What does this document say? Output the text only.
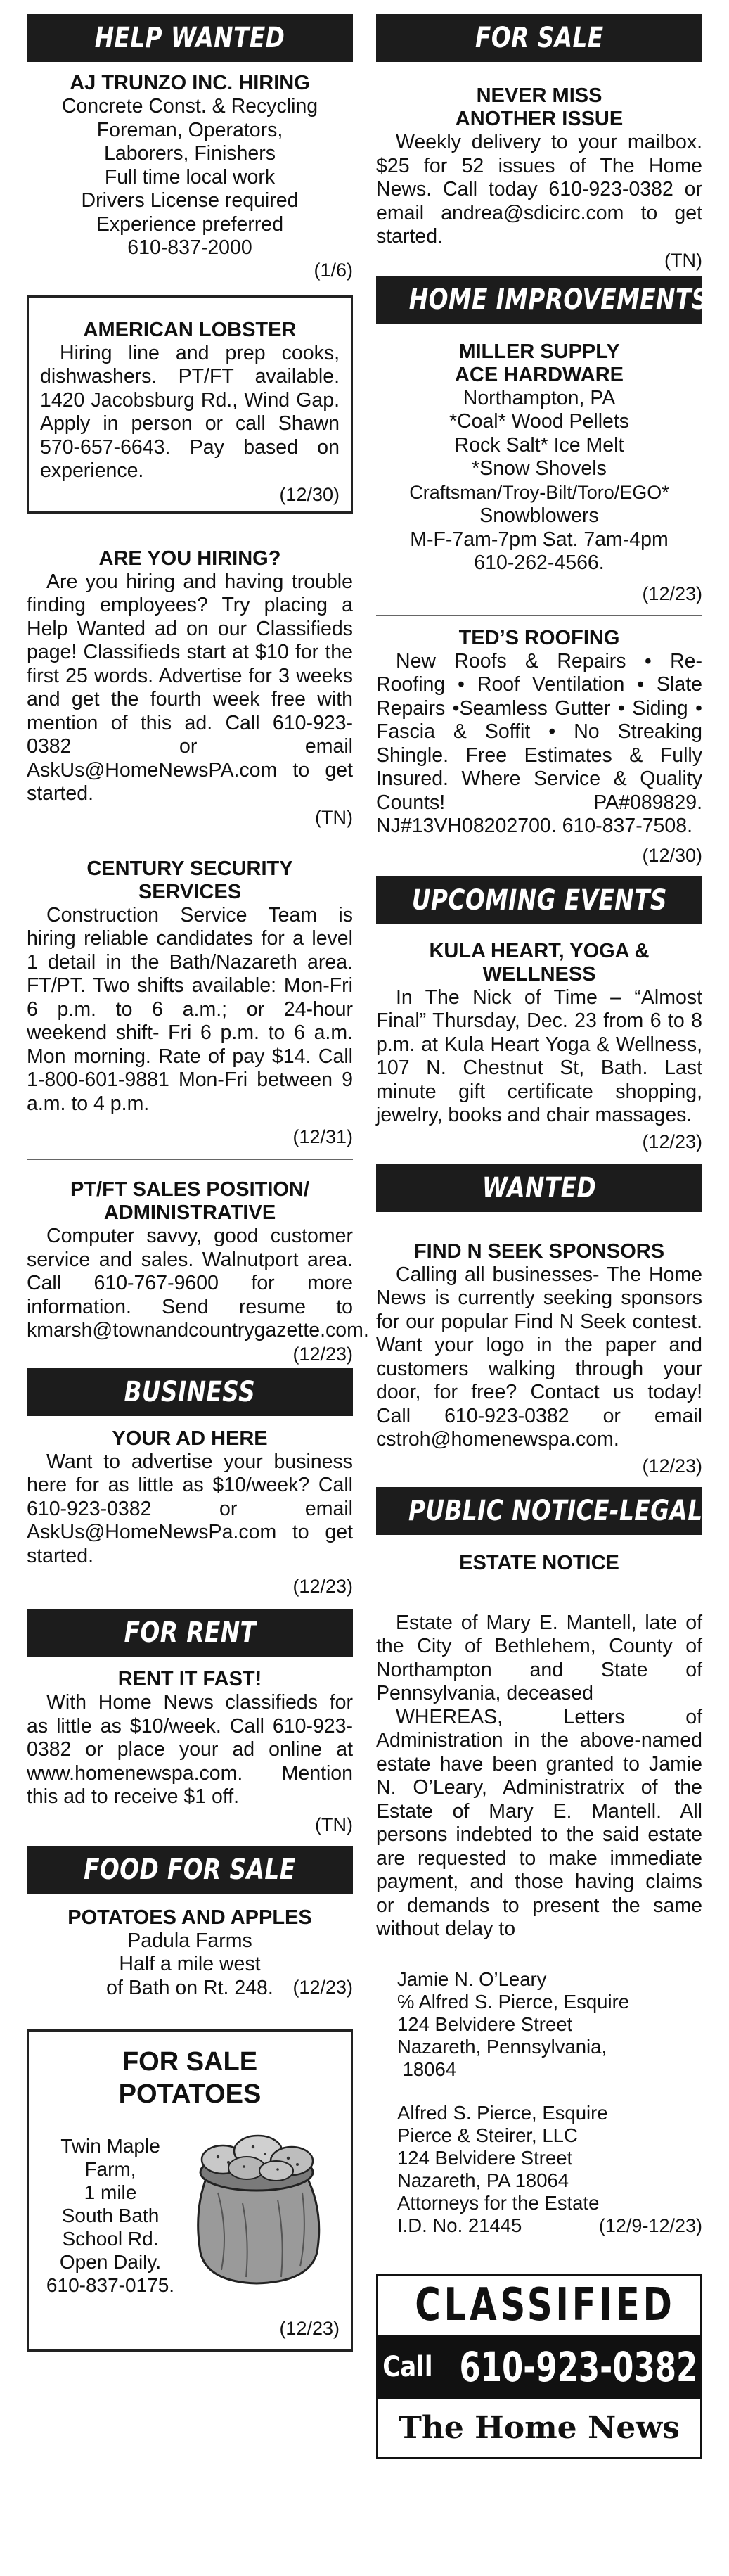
HELP WANTED
AJ TRUNZO INC. HIRING
Concrete Const. & Recycling
Foreman, Operators,
Laborers, Finishers
Full time local work
Drivers License required
Experience preferred
610-837-2000
(1/6)
AMERICAN LOBSTER
Hiring line and prep cooks, dishwashers. PT/FT available. 1420 Jacobsburg Rd., Wind Gap. Apply in person or call Shawn 570-657-6643. Pay based on experience.
(12/30)
ARE YOU HIRING?
Are you hiring and having trouble finding employees? Try placing a Help Wanted ad on our Classifieds page! Classifieds start at $10 for the first 25 words. Advertise for 3 weeks and get the fourth week free with mention of this ad. Call 610-923-0382 or email AskUs@HomeNewsPA.com to get started.
(TN)
CENTURY SECURITY
SERVICES
Construction Service Team is hiring reliable candidates for a level 1 detail in the Bath/Nazareth area. FT/PT. Two shifts available: Mon-Fri 6 p.m. to 6 a.m.; or 24-hour weekend shift- Fri 6 p.m. to 6 a.m. Mon morning. Rate of pay $14. Call 1-800-601-9881 Mon-Fri between 9 a.m. to 4 p.m.
(12/31)
PT/FT SALES POSITION/
ADMINISTRATIVE
Computer savvy, good customer service and sales. Walnutport area. Call 610-767-9600 for more information. Send resume to kmarsh@townandcountrygazette.com.
(12/23)
BUSINESS
YOUR AD HERE
Want to advertise your business here for as little as $10/week? Call 610-923-0382 or email AskUs@HomeNewsPa.com to get started.
(12/23)
FOR RENT
RENT IT FAST!
With Home News classifieds for as little as $10/week. Call 610-923-0382 or place your ad online at www.homenewspa.com. Mention this ad to receive $1 off.
(TN)
FOOD FOR SALE
POTATOES AND APPLES
Padula Farms
Half a mile west
of Bath on Rt. 248.	(12/23)
FOR SALE
POTATOES
Twin Maple
Farm,
1 mile
South Bath
School Rd.
Open Daily.
610-837-0175.
(12/23)
FOR SALE
NEVER MISS
ANOTHER ISSUE
Weekly delivery to your mailbox. $25 for 52 issues of The Home News. Call today 610-923-0382 or email andrea@sdicirc.com to get started.
(TN)
HOME IMPROVEMENTS
MILLER SUPPLY
ACE HARDWARE
Northampton, PA
*Coal* Wood Pellets
Rock Salt* Ice Melt
*Snow Shovels
Craftsman/Troy-Bilt/Toro/EGO*
Snowblowers
M-F-7am-7pm Sat. 7am-4pm
610-262-4566.
(12/23)
TED’S ROOFING
New Roofs & Repairs • Re-Roofing • Roof Ventilation • Slate Repairs •Seamless Gutter • Siding • Fascia & Soffit • No Streaking Shingle. Free Estimates & Fully Insured. Where Service & Quality Counts! PA#089829. NJ#13VH08202700. 610-837-7508.
(12/30)
UPCOMING EVENTS
KULA HEART, YOGA &
WELLNESS
In The Nick of Time – “Almost Final” Thursday, Dec. 23 from 6 to 8 p.m. at Kula Heart Yoga & Wellness, 107 N. Chestnut St, Bath. Last minute gift certificate shopping, jewelry, books and chair massages.
(12/23)
WANTED
FIND N SEEK SPONSORS
Calling all businesses- The Home News is currently seeking sponsors for our popular Find N Seek contest. Want your logo in the paper and customers walking through your door, for free? Contact us today! Call 610-923-0382 or email cstroh@homenewspa.com.
(12/23)
PUBLIC NOTICE-LEGAL
ESTATE NOTICE
Estate of Mary E. Mantell, late of the City of Bethlehem, County of Northampton and State of Pennsylvania, deceased
WHEREAS, Letters of Administration in the above-named estate have been granted to Jamie N. O’Leary, Administratrix of the Estate of Mary E. Mantell. All persons indebted to the said estate are requested to make immediate payment, and those having claims or demands to present the same without delay to
Jamie N. O’Leary
℅ Alfred S. Pierce, Esquire
124 Belvidere Street
Nazareth, Pennsylvania,
18064
Alfred S. Pierce, Esquire
Pierce & Steirer, LLC
124 Belvidere Street
Nazareth, PA 18064
Attorneys for the Estate
I.D. No. 21445	(12/9-12/23)
CLASSIFIED
Call 610-923-0382
The Home News
